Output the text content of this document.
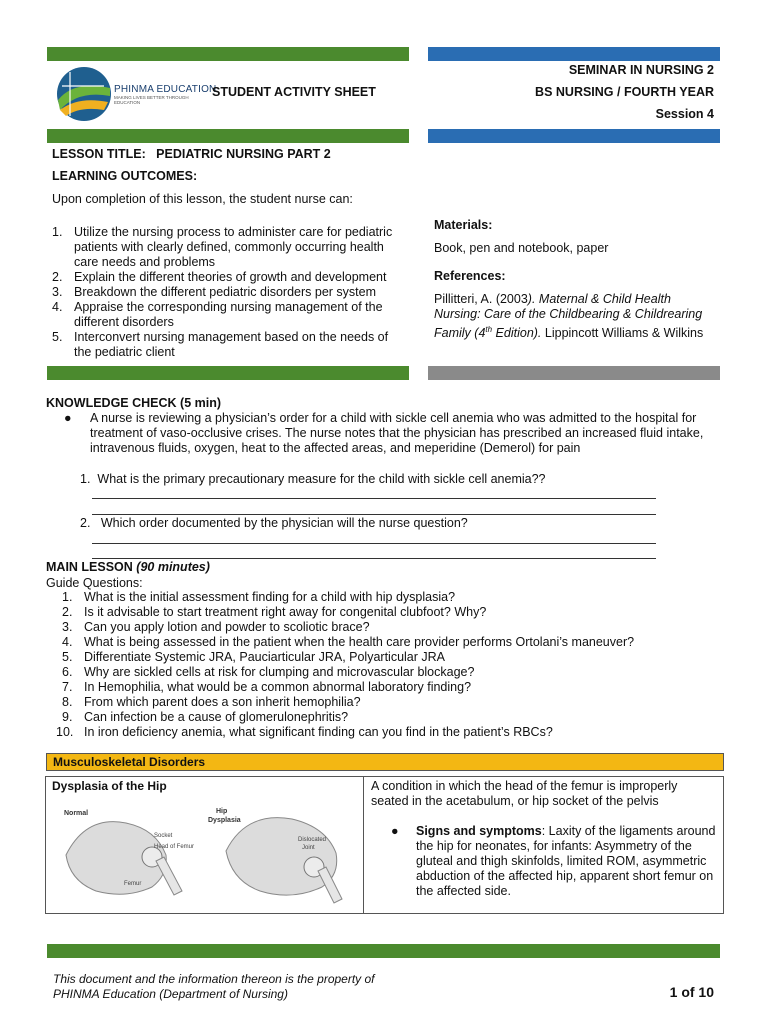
PHINMA EDUCATION
MAKING LIVES BETTER THROUGH EDUCATION
STUDENT ACTIVITY SHEET
SEMINAR IN NURSING 2
BS NURSING / FOURTH YEAR
Session 4
LESSON TITLE: PEDIATRIC NURSING PART 2
LEARNING OUTCOMES:
Upon completion of this lesson, the student nurse can:
1. Utilize the nursing process to administer care for pediatric patients with clearly defined, commonly occurring health care needs and problems
2. Explain the different theories of growth and development
3. Breakdown the different pediatric disorders per system
4. Appraise the corresponding nursing management of the different disorders
5. Interconvert nursing management based on the needs of the pediatric client
Materials:
Book, pen and notebook, paper
References:
Pillitteri, A. (2003). Maternal & Child Health Nursing: Care of the Childbearing & Childrearing Family (4th Edition). Lippincott Williams & Wilkins
KNOWLEDGE CHECK (5 min)
● A nurse is reviewing a physician’s order for a child with sickle cell anemia who was admitted to the hospital for treatment of vaso-occlusive crises. The nurse notes that the physician has prescribed an increased fluid intake, intravenous fluids, oxygen, heat to the affected areas, and meperidine (Demerol) for pain
1. What is the primary precautionary measure for the child with sickle cell anemia??
2. Which order documented by the physician will the nurse question?
MAIN LESSON (90 minutes)
Guide Questions:
1. What is the initial assessment finding for a child with hip dysplasia?
2. Is it advisable to start treatment right away for congenital clubfoot? Why?
3. Can you apply lotion and powder to scoliotic brace?
4. What is being assessed in the patient when the health care provider performs Ortolani’s maneuver?
5. Differentiate Systemic JRA, Pauciarticular JRA, Polyarticular JRA
6. Why are sickled cells at risk for clumping and microvascular blockage?
7. In Hemophilia, what would be a common abnormal laboratory finding?
8. From which parent does a son inherit hemophilia?
9. Can infection be a cause of glomerulonephritis?
10. In iron deficiency anemia, what significant finding can you find in the patient’s RBCs?
Musculoskeletal Disorders
Dysplasia of the Hip
Normal	Hip
Dysplasia
Socket
Head of Femur
Femur
Dislocated
Joint
A condition in which the head of the femur is improperly seated in the acetabulum, or hip socket of the pelvis
● Signs and symptoms: Laxity of the ligaments around the hip for neonates, for infants: Asymmetry of the gluteal and thigh skinfolds, limited ROM, asymmetric abduction of the affected hip, apparent short femur on the affected side.
This document and the information thereon is the property of
PHINMA Education (Department of Nursing)	1 of 10
